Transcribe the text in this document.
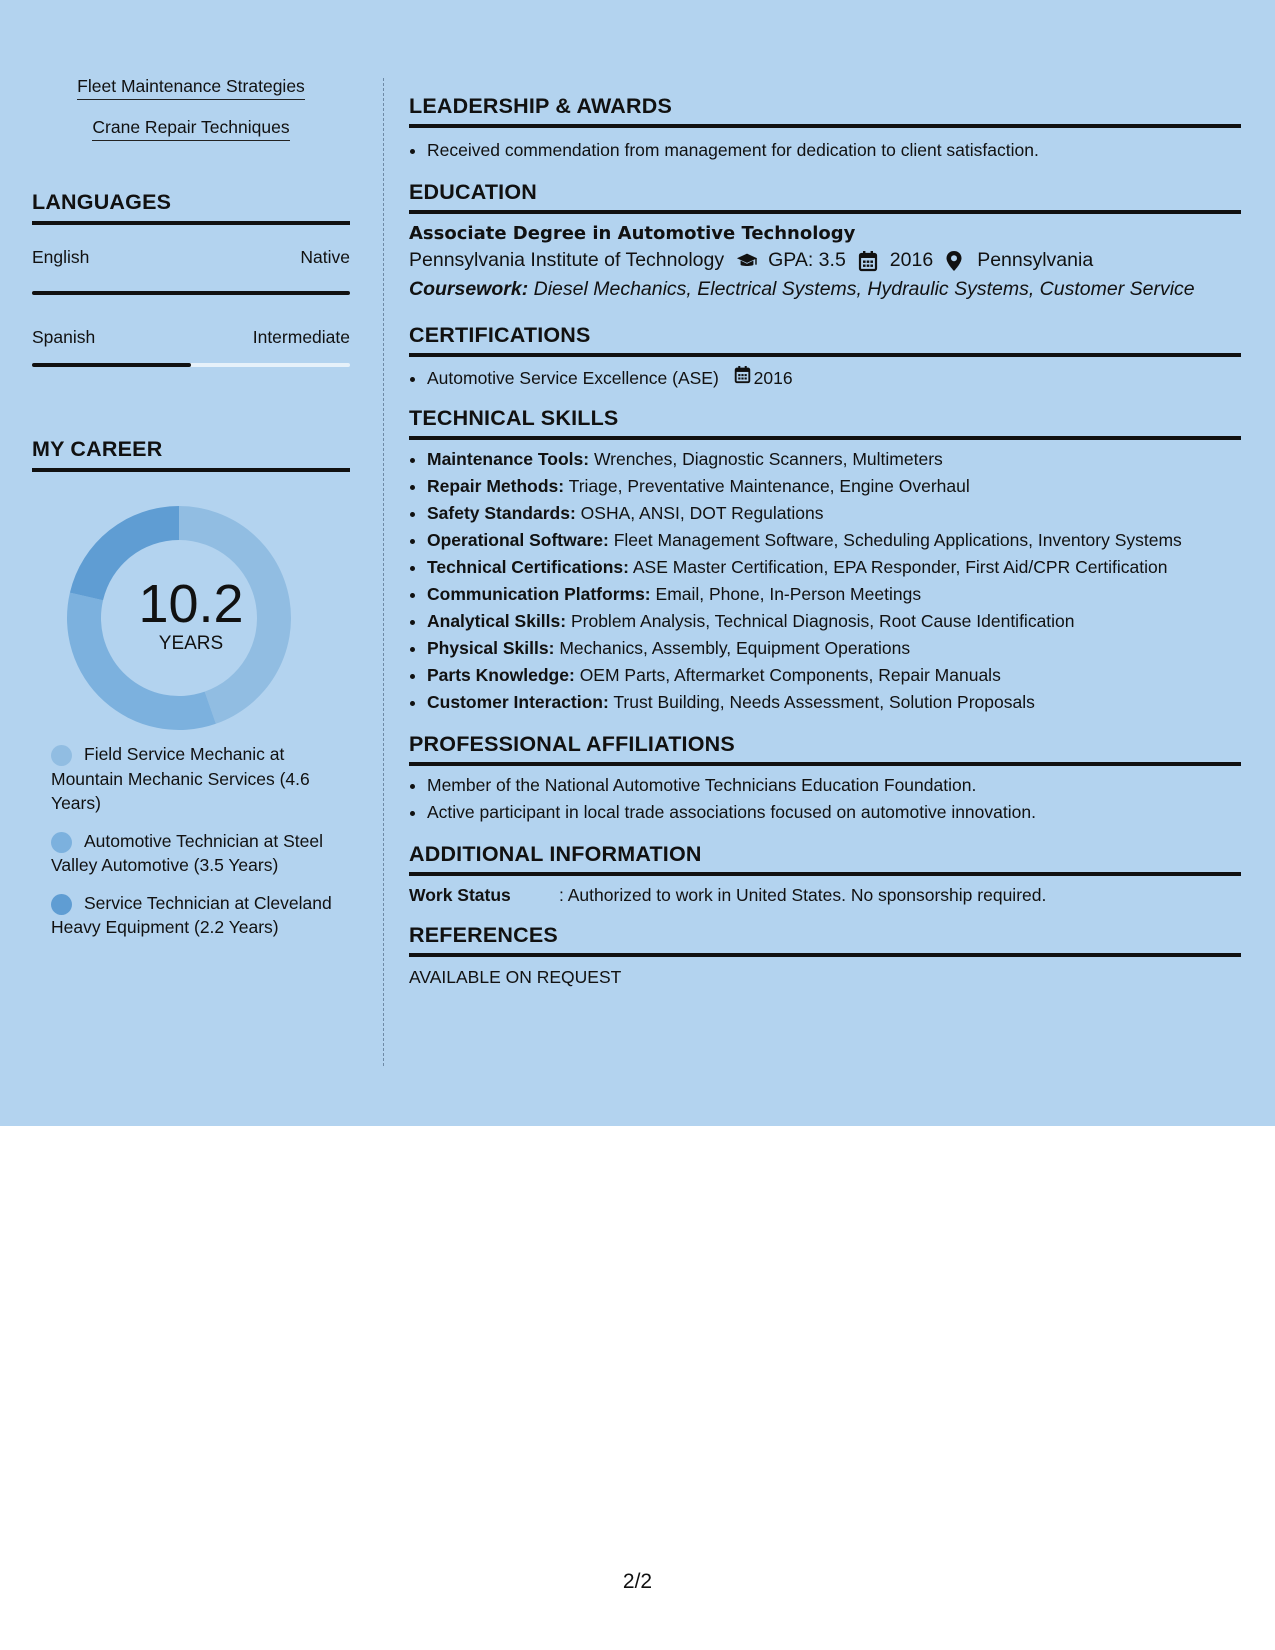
Fleet Maintenance Strategies
Crane Repair Techniques
LANGUAGES
English	Native
Spanish	Intermediate
MY CAREER
10.2
YEARS
Field Service Mechanic at Mountain Mechanic Services (4.6 Years)
Automotive Technician at Steel Valley Automotive (3.5 Years)
Service Technician at Cleveland Heavy Equipment (2.2 Years)
LEADERSHIP & AWARDS
• Received commendation from management for dedication to client satisfaction.
EDUCATION
Associate Degree in Automotive Technology
Pennsylvania Institute of Technology GPA: 3.5 2016 Pennsylvania
Coursework: Diesel Mechanics, Electrical Systems, Hydraulic Systems, Customer Service
CERTIFICATIONS
• Automotive Service Excellence (ASE) 2016
TECHNICAL SKILLS
• Maintenance Tools: Wrenches, Diagnostic Scanners, Multimeters
• Repair Methods: Triage, Preventative Maintenance, Engine Overhaul
• Safety Standards: OSHA, ANSI, DOT Regulations
• Operational Software: Fleet Management Software, Scheduling Applications, Inventory Systems
• Technical Certifications: ASE Master Certification, EPA Responder, First Aid/CPR Certification
• Communication Platforms: Email, Phone, In-Person Meetings
• Analytical Skills: Problem Analysis, Technical Diagnosis, Root Cause Identification
• Physical Skills: Mechanics, Assembly, Equipment Operations
• Parts Knowledge: OEM Parts, Aftermarket Components, Repair Manuals
• Customer Interaction: Trust Building, Needs Assessment, Solution Proposals
PROFESSIONAL AFFILIATIONS
• Member of the National Automotive Technicians Education Foundation.
• Active participant in local trade associations focused on automotive innovation.
ADDITIONAL INFORMATION
Work Status	: Authorized to work in United States. No sponsorship required.
REFERENCES
AVAILABLE ON REQUEST
2/2
